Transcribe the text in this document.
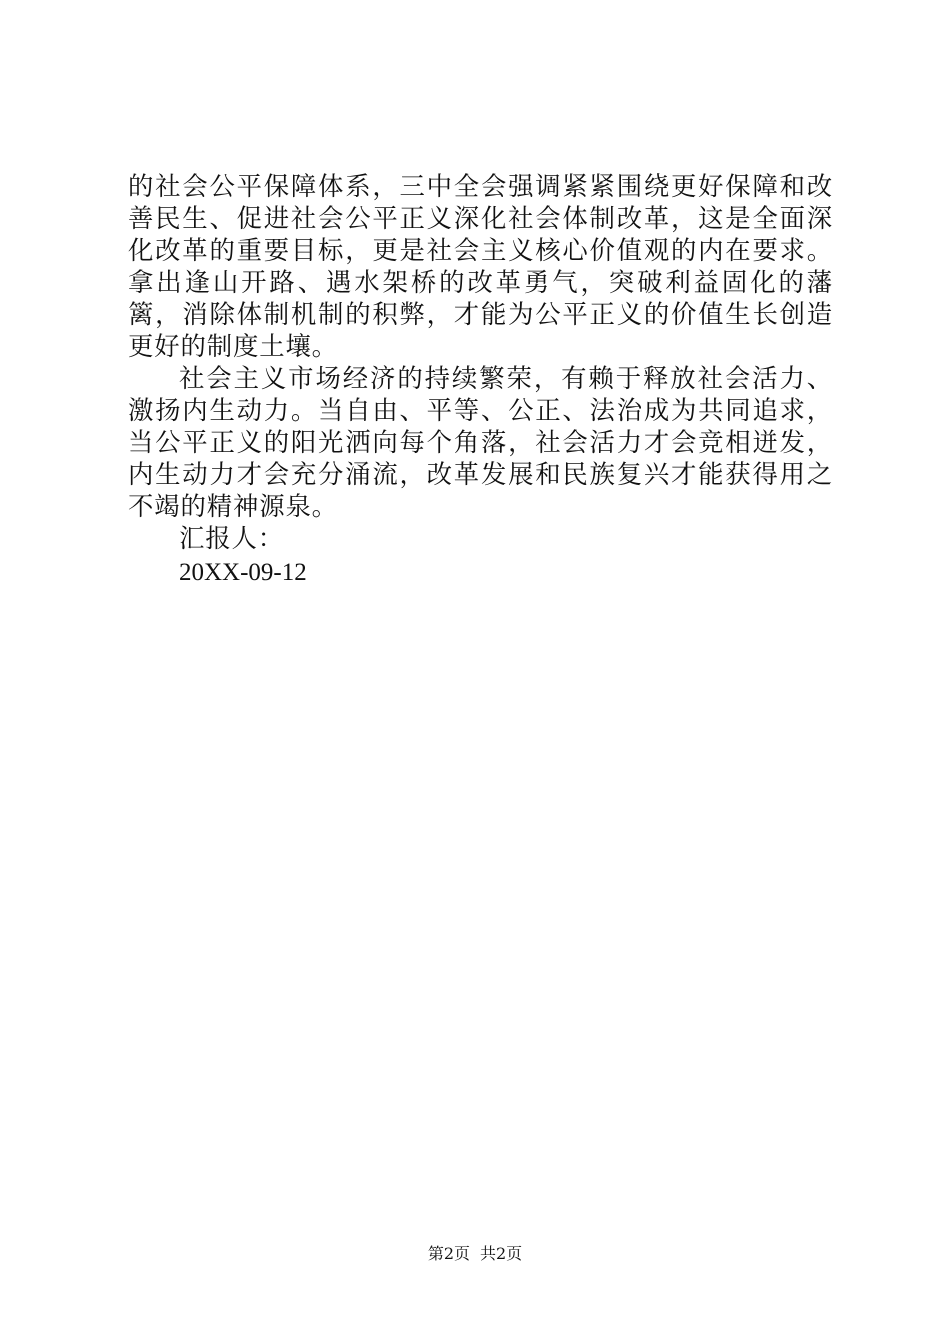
的社会公平保障体系，三中全会强调紧紧围绕更好保障和改善民生、促进社会公平正义深化社会体制改革，这是全面深化改革的重要目标，更是社会主义核心价值观的内在要求。拿出逢山开路、遇水架桥的改革勇气，突破利益固化的藩篱，消除体制机制的积弊，才能为公平正义的价值生长创造更好的制度土壤。

社会主义市场经济的持续繁荣，有赖于释放社会活力、激扬内生动力。当自由、平等、公正、法治成为共同追求，当公平正义的阳光洒向每个角落，社会活力才会竞相迸发，内生动力才会充分涌流，改革发展和民族复兴才能获得用之不竭的精神源泉。

汇报人：

20XX-09-12

第2页 共2页
